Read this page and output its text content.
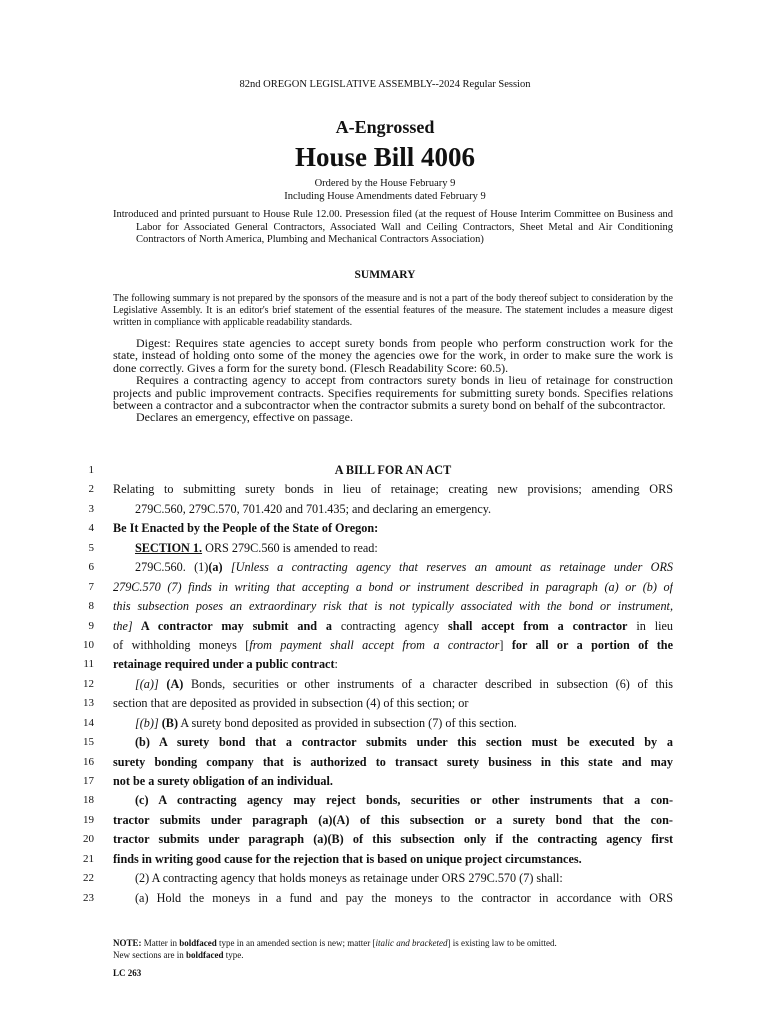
82nd OREGON LEGISLATIVE ASSEMBLY--2024 Regular Session
A-Engrossed
House Bill 4006
Ordered by the House February 9
Including House Amendments dated February 9

Introduced and printed pursuant to House Rule 12.00. Presession filed (at the request of House Interim Committee on Business and Labor for Associated General Contractors, Associated Wall and Ceiling Contractors, Sheet Metal and Air Conditioning Contractors of North America, Plumbing and Mechanical Contractors Association)

SUMMARY

The following summary is not prepared by the sponsors of the measure and is not a part of the body thereof subject to consideration by the Legislative Assembly. It is an editor's brief statement of the essential features of the measure. The statement includes a measure digest written in compliance with applicable readability standards.

Digest: Requires state agencies to accept surety bonds from people who perform construction work for the state, instead of holding onto some of the money the agencies owe for the work, in order to make sure the work is done correctly. Gives a form for the surety bond. (Flesch Readability Score: 60.5).

Requires a contracting agency to accept from contractors surety bonds in lieu of retainage for construction projects and public improvement contracts. Specifies requirements for submitting surety bonds. Specifies relations between a contractor and a subcontractor when the contractor submits a surety bond on behalf of the subcontractor.

Declares an emergency, effective on passage.

1	A BILL FOR AN ACT
2 Relating to submitting surety bonds in lieu of retainage; creating new provisions; amending ORS
3	279C.560, 279C.570, 701.420 and 701.435; and declaring an emergency.
4 Be It Enacted by the People of the State of Oregon:
5	SECTION 1. ORS 279C.560 is amended to read:
6	279C.560. (1)(a) [Unless a contracting agency that reserves an amount as retainage under ORS
7 279C.570 (7) finds in writing that accepting a bond or instrument described in paragraph (a) or (b) of
8 this subsection poses an extraordinary risk that is not typically associated with the bond or instrument,
9 the] A contractor may submit and a contracting agency shall accept from a contractor in lieu
10 of withholding moneys [from payment shall accept from a contractor] for all or a portion of the
11 retainage required under a public contract:
12	[(a)] (A) Bonds, securities or other instruments of a character described in subsection (6) of this
13 section that are deposited as provided in subsection (4) of this section; or
14	[(b)] (B) A surety bond deposited as provided in subsection (7) of this section.
15	(b) A surety bond that a contractor submits under this section must be executed by a
16 surety bonding company that is authorized to transact surety business in this state and may
17 not be a surety obligation of an individual.
18	(c) A contracting agency may reject bonds, securities or other instruments that a con-
19 tractor submits under paragraph (a)(A) of this subsection or a surety bond that the con-
20 tractor submits under paragraph (a)(B) of this subsection only if the contracting agency first
21 finds in writing good cause for the rejection that is based on unique project circumstances.
22	(2) A contracting agency that holds moneys as retainage under ORS 279C.570 (7) shall:
23	(a) Hold the moneys in a fund and pay the moneys to the contractor in accordance with ORS

NOTE: Matter in boldfaced type in an amended section is new; matter [italic and bracketed] is existing law to be omitted.

New sections are in boldfaced type.

LC 263
